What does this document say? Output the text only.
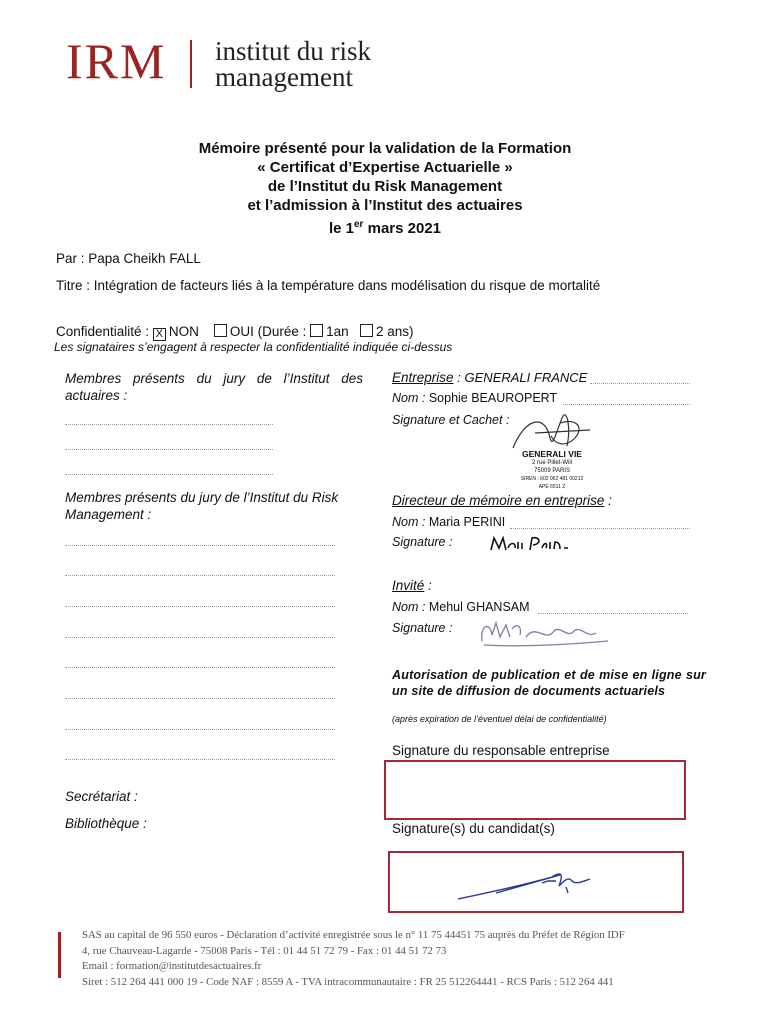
IRM institut du risk
management
Mémoire présenté pour la validation de la Formation
« Certificat d’Expertise Actuarielle »
de l’Institut du Risk Management
et l’admission à l’Institut des actuaires
le 1er mars 2021
Par : Papa Cheikh FALL
Titre : Intégration de facteurs liés à la température dans modélisation du risque de mortalité
Confidentialité : X NON OUI (Durée : 1an 2 ans)
Les signataires s’engagent à respecter la confidentialité indiquée ci-dessus
Membres présents du jury de l’Institut des actuaires :
Membres présents du jury de l’Institut du Risk Management :
Secrétariat :
Bibliothèque :
Entreprise : GENERALI FRANCE
Nom : Sophie BEAUROPERT
Signature et Cachet :
GENERALI VIE
2 rue Pillet-Will
75009 PARIS
SIREN : 602 062 481 00212
APE 6511 Z
Directeur de mémoire en entreprise :
Nom : Maria PERINI
Signature :
Invité :
Nom : Mehul GHANSAM
Signature :
Autorisation de publication et de mise en ligne sur un site de diffusion de documents actuariels
(après expiration de l’éventuel délai de confidentialité)
Signature du responsable entreprise
Signature(s) du candidat(s)
SAS au capital de 96 550 euros - Déclaration d’activité enregistrée sous le n° 11 75 44451 75 auprès du Préfet de Région IDF
4, rue Chauveau-Lagarde - 75008 Paris - Tél : 01 44 51 72 79 - Fax : 01 44 51 72 73
Email : formation@institutdesactuaires.fr
Siret : 512 264 441 000 19 - Code NAF : 8559 A - TVA intracommunautaire : FR 25 512264441 - RCS Paris : 512 264 441
